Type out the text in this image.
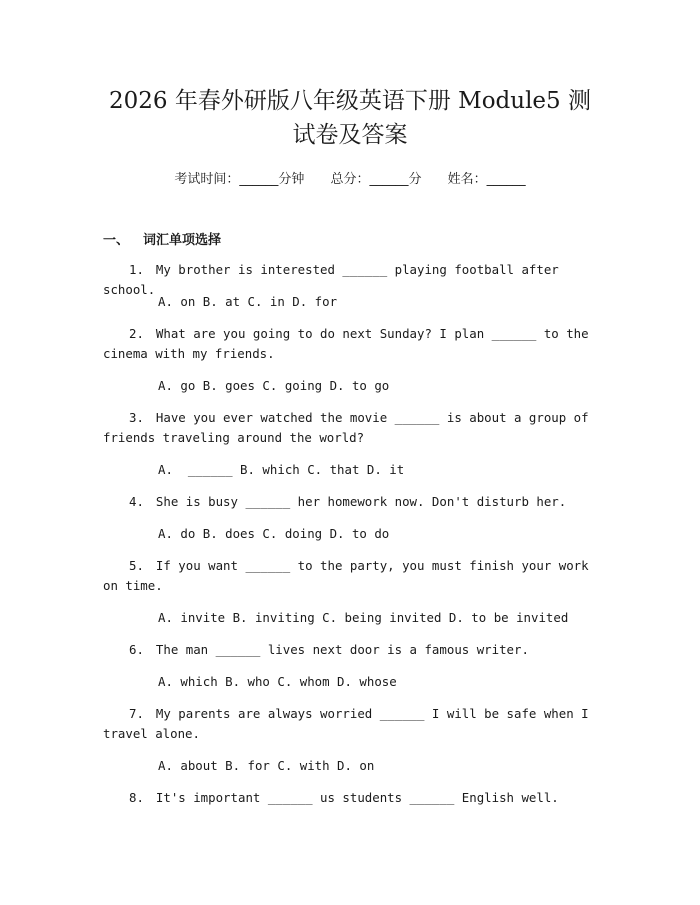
2026 年春外研版八年级英语下册 Module5 测
试卷及答案
考试时间：______分钟 总分：______分 姓名：______
一、 词汇单项选择
1. My brother is interested ______ playing football after school.
A. on B. at C. in D. for
2. What are you going to do next Sunday? I plan ______ to the cinema with my friends.
A. go B. goes C. going D. to go
3. Have you ever watched the movie ______ is about a group of friends traveling around the world?
A.  ______ B. which C. that D. it
4. She is busy ______ her homework now. Don't disturb her.
A. do B. does C. doing D. to do
5. If you want ______ to the party, you must finish your work on time.
A. invite B. inviting C. being invited D. to be invited
6. The man ______ lives next door is a famous writer.
A. which B. who C. whom D. whose
7. My parents are always worried ______ I will be safe when I travel alone.
A. about B. for C. with D. on
8. It's important ______ us students ______ English well.
